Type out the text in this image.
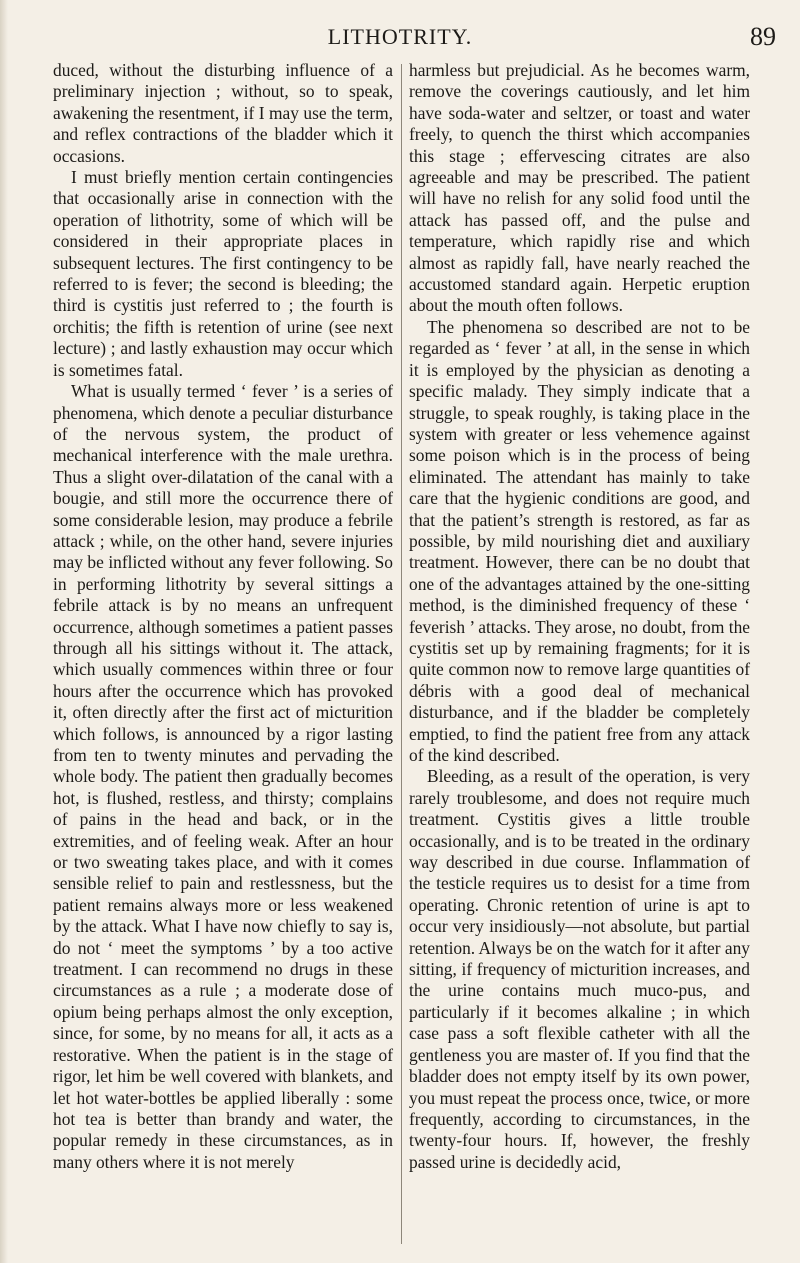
LITHOTRITY.	89

duced, without the disturbing influence of a preliminary injection ; without, so to speak, awakening the resentment, if I may use the term, and reflex contractions of the bladder which it occasions.

I must briefly mention certain contingencies that occasionally arise in connection with the operation of lithotrity, some of which will be considered in their appropriate places in subsequent lectures. The first contingency to be referred to is fever; the second is bleeding; the third is cystitis just referred to ; the fourth is orchitis; the fifth is retention of urine (see next lecture) ; and lastly exhaustion may occur which is sometimes fatal.

What is usually termed ‘ fever ’ is a series of phenomena, which denote a peculiar disturbance of the nervous system, the product of mechanical interference with the male urethra. Thus a slight over-dilatation of the canal with a bougie, and still more the occurrence there of some considerable lesion, may produce a febrile attack ; while, on the other hand, severe injuries may be inflicted without any fever following. So in performing lithotrity by several sittings a febrile attack is by no means an unfrequent occurrence, although sometimes a patient passes through all his sittings without it. The attack, which usually commences within three or four hours after the occurrence which has provoked it, often directly after the first act of micturition which follows, is announced by a rigor lasting from ten to twenty minutes and pervading the whole body. The patient then gradually becomes hot, is flushed, restless, and thirsty; complains of pains in the head and back, or in the extremities, and of feeling weak. After an hour or two sweating takes place, and with it comes sensible relief to pain and restlessness, but the patient remains always more or less weakened by the attack. What I have now chiefly to say is, do not ‘ meet the symptoms ’ by a too active treatment. I can recommend no drugs in these circumstances as a rule ; a moderate dose of opium being perhaps almost the only exception, since, for some, by no means for all, it acts as a restorative. When the patient is in the stage of rigor, let him be well covered with blankets, and let hot water-bottles be applied liberally : some hot tea is better than brandy and water, the popular remedy in these circumstances, as in many others where it is not merely

harmless but prejudicial. As he becomes warm, remove the coverings cautiously, and let him have soda-water and seltzer, or toast and water freely, to quench the thirst which accompanies this stage ; effervescing citrates are also agreeable and may be prescribed. The patient will have no relish for any solid food until the attack has passed off, and the pulse and temperature, which rapidly rise and which almost as rapidly fall, have nearly reached the accustomed standard again. Herpetic eruption about the mouth often follows.

The phenomena so described are not to be regarded as ‘ fever ’ at all, in the sense in which it is employed by the physician as denoting a specific malady. They simply indicate that a struggle, to speak roughly, is taking place in the system with greater or less vehemence against some poison which is in the process of being eliminated. The attendant has mainly to take care that the hygienic conditions are good, and that the patient’s strength is restored, as far as possible, by mild nourishing diet and auxiliary treatment. However, there can be no doubt that one of the advantages attained by the one-sitting method, is the diminished frequency of these ‘ feverish ’ attacks. They arose, no doubt, from the cystitis set up by remaining fragments; for it is quite common now to remove large quantities of débris with a good deal of mechanical disturbance, and if the bladder be completely emptied, to find the patient free from any attack of the kind described.

Bleeding, as a result of the operation, is very rarely troublesome, and does not require much treatment. Cystitis gives a little trouble occasionally, and is to be treated in the ordinary way described in due course. Inflammation of the testicle requires us to desist for a time from operating. Chronic retention of urine is apt to occur very insidiously—not absolute, but partial retention. Always be on the watch for it after any sitting, if frequency of micturition increases, and the urine contains much muco-pus, and particularly if it becomes alkaline ; in which case pass a soft flexible catheter with all the gentleness you are master of. If you find that the bladder does not empty itself by its own power, you must repeat the process once, twice, or more frequently, according to circumstances, in the twenty-four hours. If, however, the freshly passed urine is decidedly acid,
